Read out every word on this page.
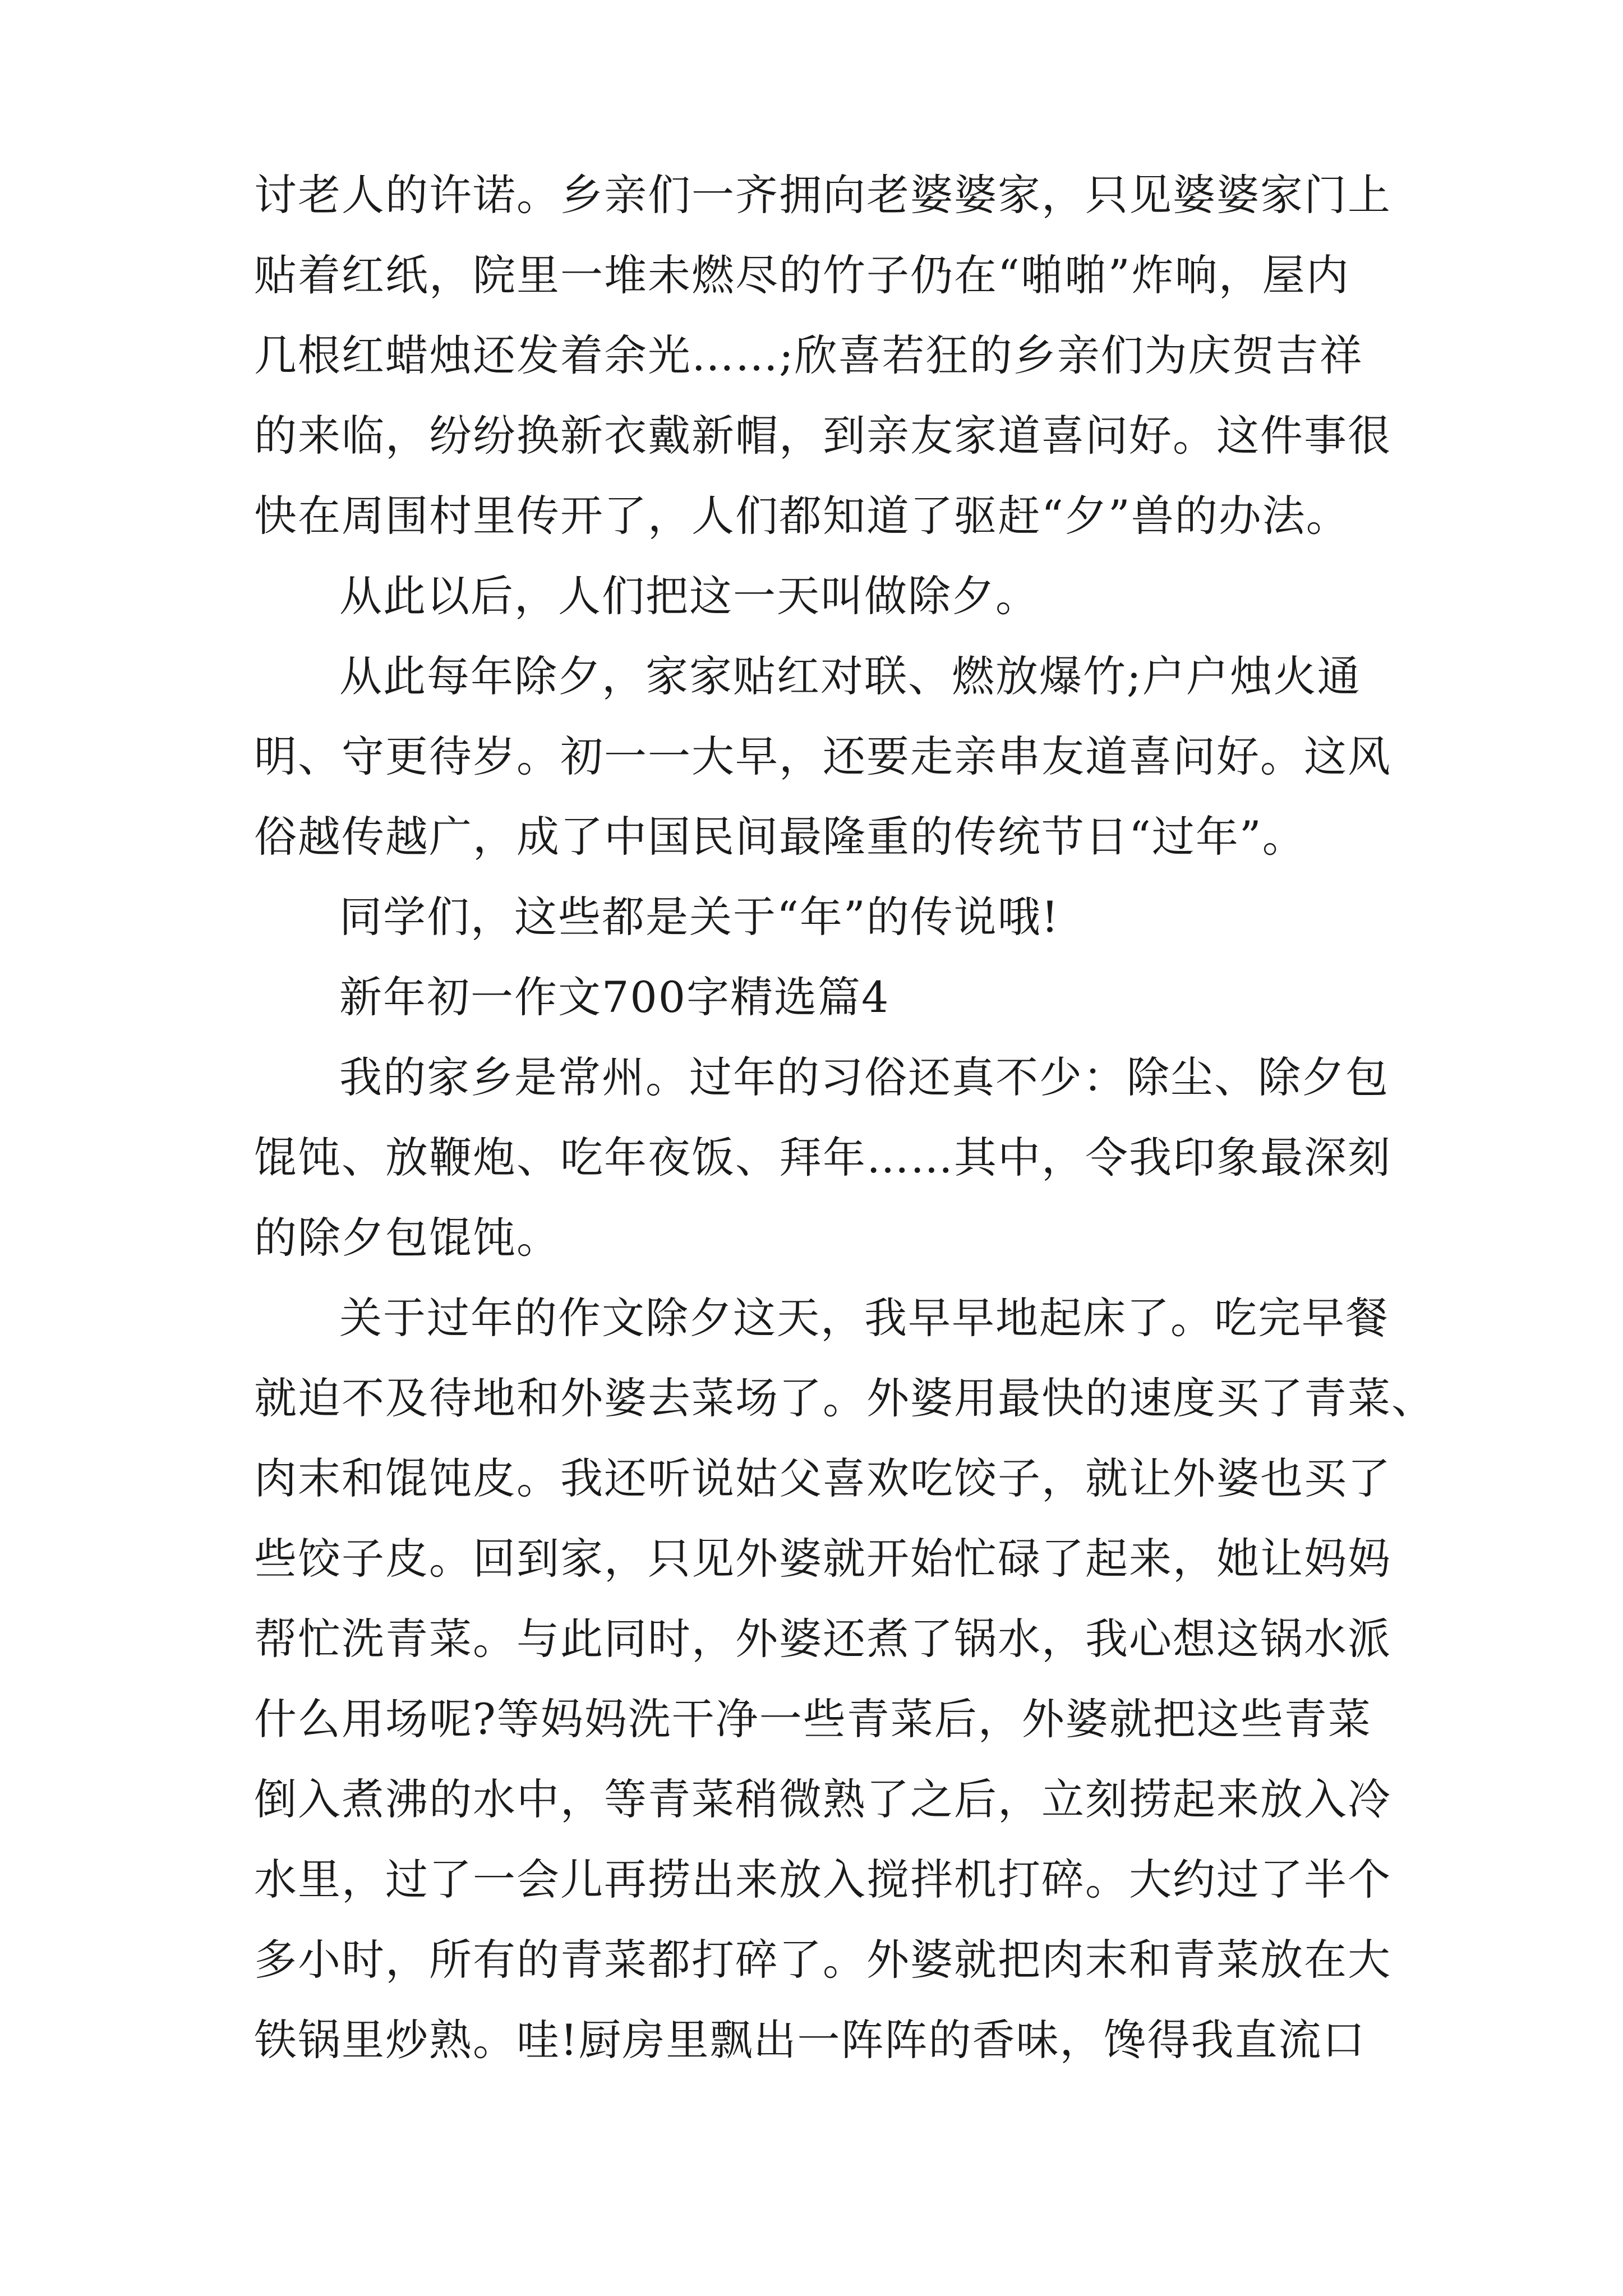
讨老人的许诺。乡亲们一齐拥向老婆婆家，只见婆婆家门上
贴着红纸，院里一堆未燃尽的竹子仍在“啪啪”炸响，屋内
几根红蜡烛还发着余光……;欣喜若狂的乡亲们为庆贺吉祥
的来临，纷纷换新衣戴新帽，到亲友家道喜问好。这件事很
快在周围村里传开了，人们都知道了驱赶“夕”兽的办法。
从此以后，人们把这一天叫做除夕。
从此每年除夕，家家贴红对联、燃放爆竹;户户烛火通
明、守更待岁。初一一大早，还要走亲串友道喜问好。这风
俗越传越广，成了中国民间最隆重的传统节日“过年”。
同学们，这些都是关于“年”的传说哦!
新年初一作文700字精选篇4
我的家乡是常州。过年的习俗还真不少：除尘、除夕包
馄饨、放鞭炮、吃年夜饭、拜年……其中，令我印象最深刻
的除夕包馄饨。
关于过年的作文除夕这天，我早早地起床了。吃完早餐
就迫不及待地和外婆去菜场了。外婆用最快的速度买了青菜、
肉末和馄饨皮。我还听说姑父喜欢吃饺子，就让外婆也买了
些饺子皮。回到家，只见外婆就开始忙碌了起来，她让妈妈
帮忙洗青菜。与此同时，外婆还煮了锅水，我心想这锅水派
什么用场呢?等妈妈洗干净一些青菜后，外婆就把这些青菜
倒入煮沸的水中，等青菜稍微熟了之后，立刻捞起来放入冷
水里，过了一会儿再捞出来放入搅拌机打碎。大约过了半个
多小时，所有的青菜都打碎了。外婆就把肉末和青菜放在大
铁锅里炒熟。哇!厨房里飘出一阵阵的香味，馋得我直流口
